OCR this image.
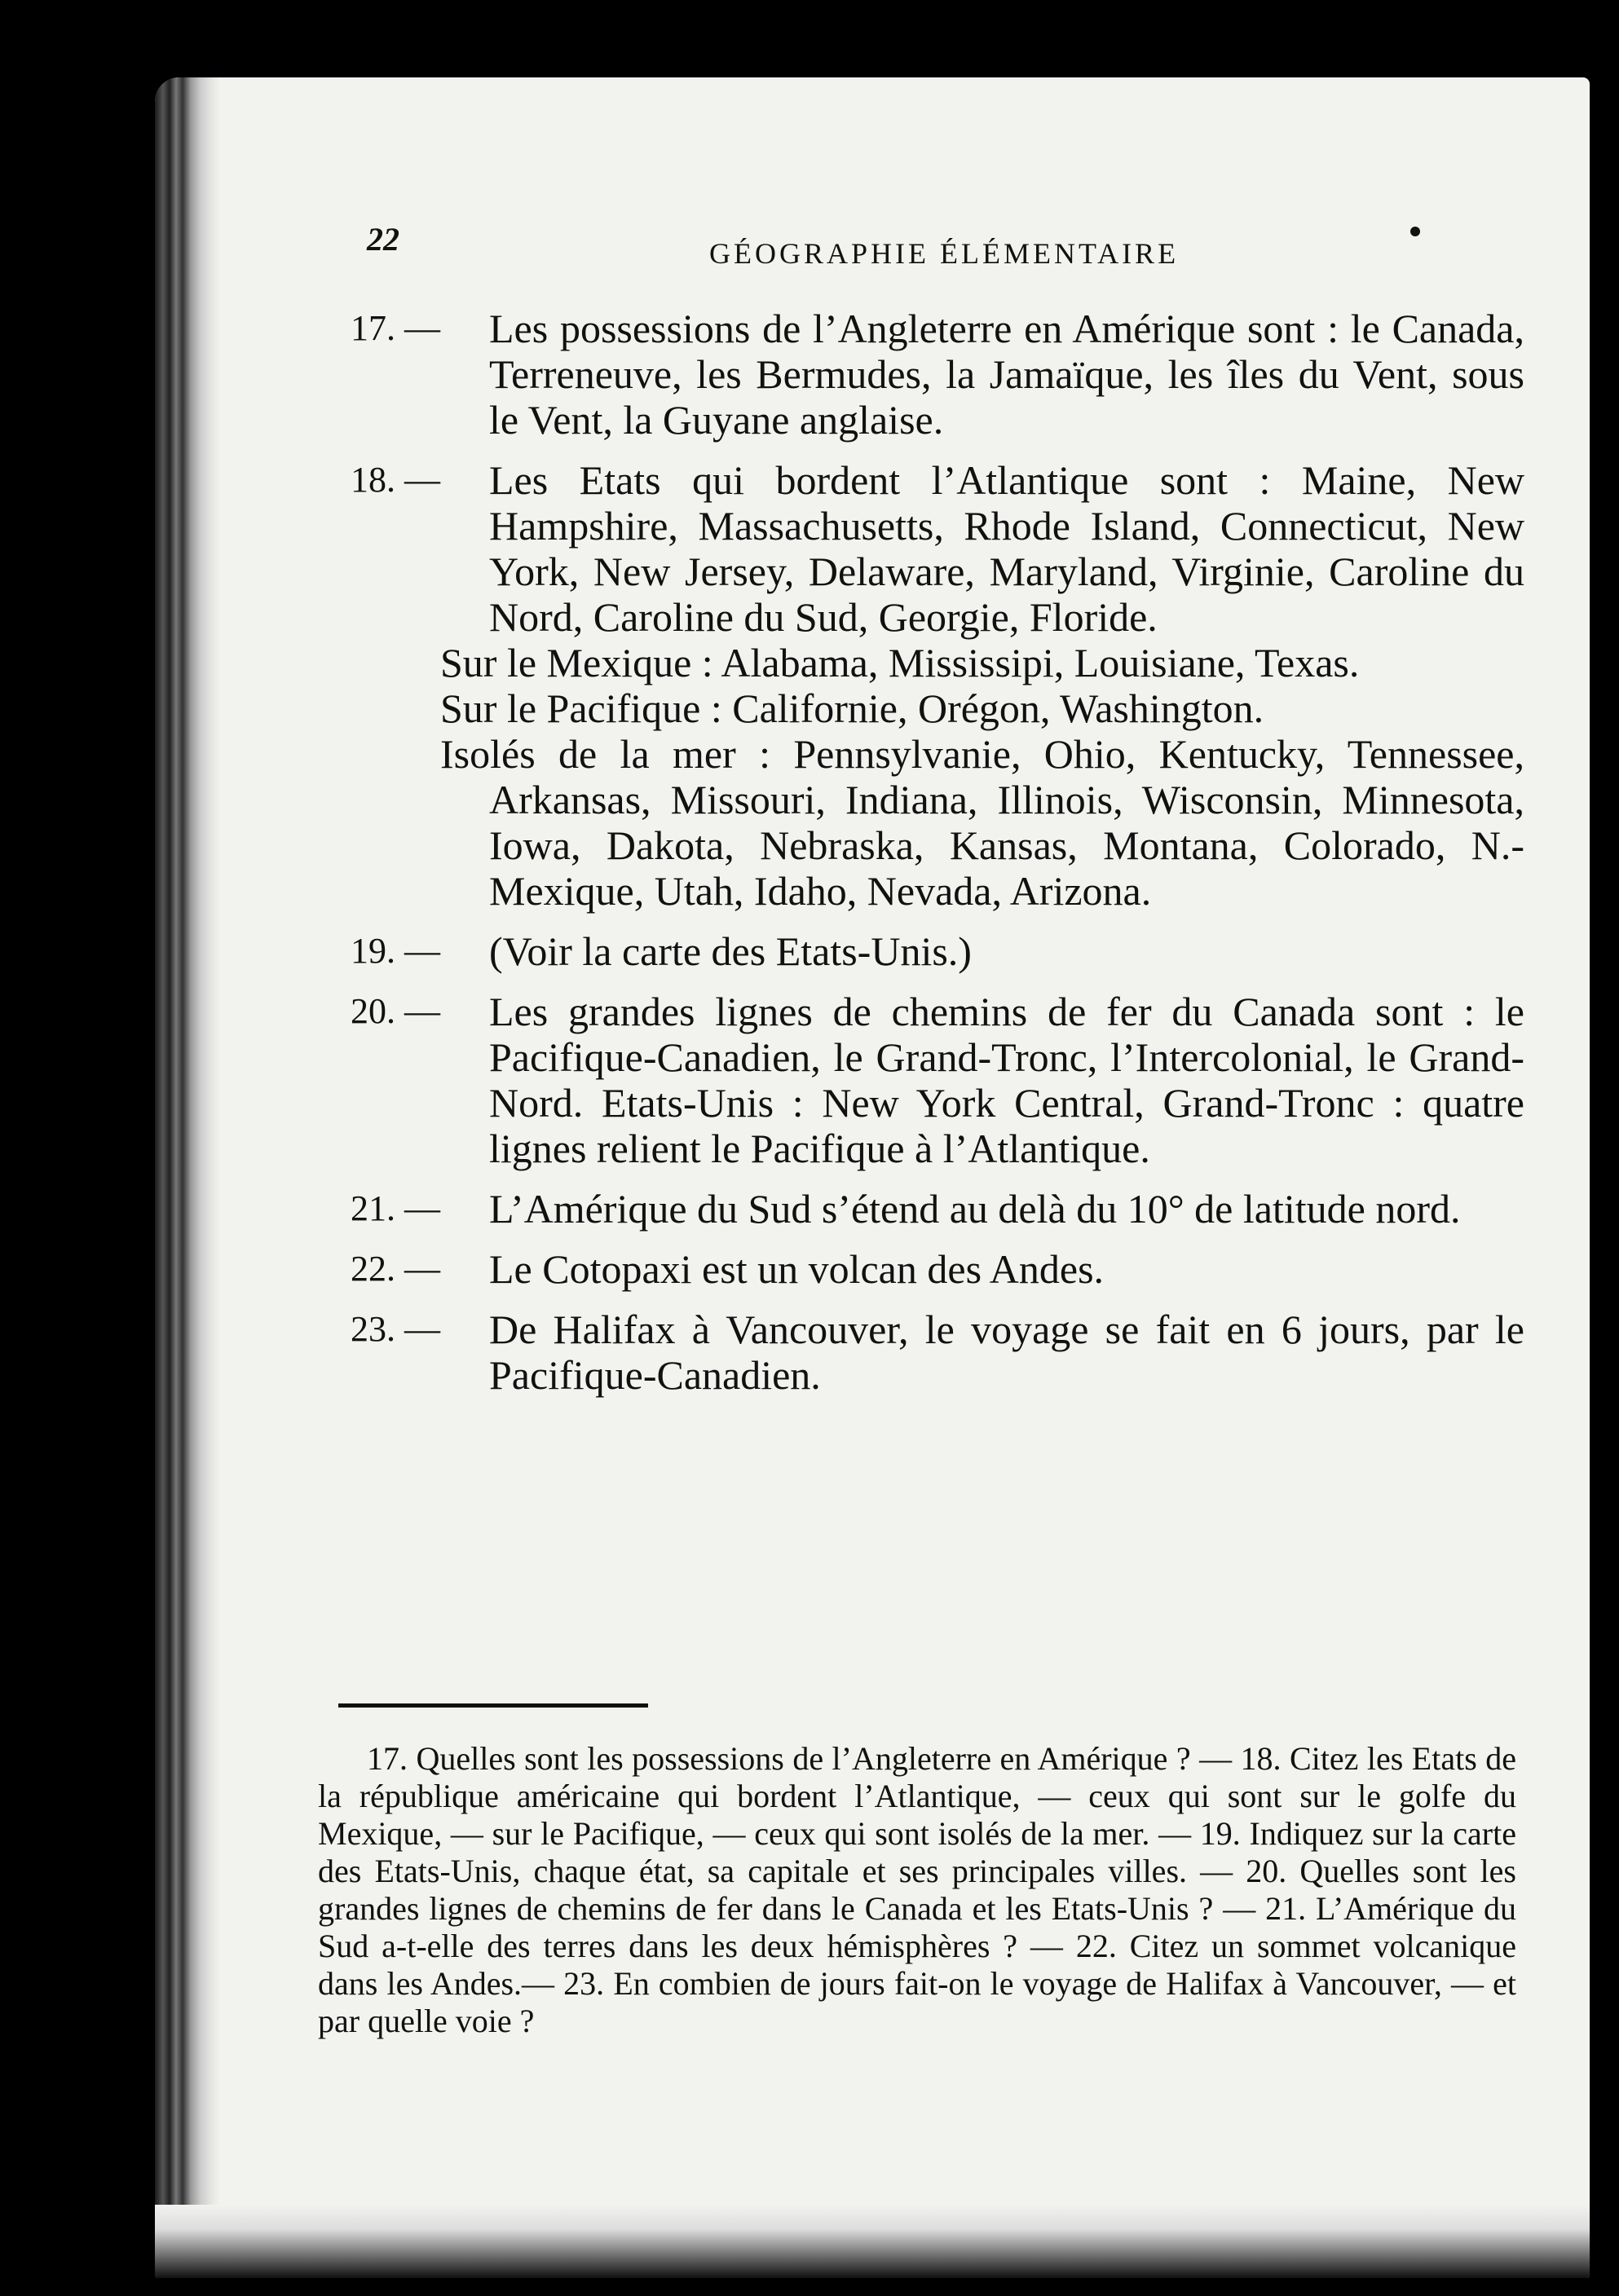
22	GÉOGRAPHIE ÉLÉMENTAIRE
17. —	Les possessions de l’Angleterre en Amérique sont : le Canada, Terreneuve, les Bermudes, la Jamaïque, les îles du Vent, sous le Vent, la Guyane anglaise.

18. —	Les Etats qui bordent l’Atlantique sont : Maine, New Hampshire, Massachusetts, Rhode Island, Connecticut, New York, New Jersey, Delaware, Maryland, Virginie, Caroline du Nord, Caroline du Sud, Georgie, Floride.

Sur le Mexique : Alabama, Mississipi, Louisiane, Texas.

Sur le Pacifique : Californie, Orégon, Washington.

Isolés de la mer : Pennsylvanie, Ohio, Kentucky, Tennessee, Arkansas, Missouri, Indiana, Illinois, Wisconsin, Minnesota, Iowa, Dakota, Nebraska, Kansas, Montana, Colorado, N.-Mexique, Utah, Idaho, Nevada, Arizona.

19. —	(Voir la carte des Etats-Unis.)

20. —	Les grandes lignes de chemins de fer du Canada sont : le Pacifique-Canadien, le Grand-Tronc, l’Intercolonial, le Grand-Nord. Etats-Unis : New York Central, Grand-Tronc : quatre lignes relient le Pacifique à l’Atlantique.

21. —	L’Amérique du Sud s’étend au delà du 10° de latitude nord.

22. —	Le Cotopaxi est un volcan des Andes.

23. —	De Halifax à Vancouver, le voyage se fait en 6 jours, par le Pacifique-Canadien.

17. Quelles sont les possessions de l’Angleterre en Amérique ? — 18. Citez les Etats de la république américaine qui bordent l’Atlantique, — ceux qui sont sur le golfe du Mexique, — sur le Pacifique, — ceux qui sont isolés de la mer. — 19. Indiquez sur la carte des Etats-Unis, chaque état, sa capitale et ses principales villes. — 20. Quelles sont les grandes lignes de chemins de fer dans le Canada et les Etats-Unis ? — 21. L’Amérique du Sud a-t-elle des terres dans les deux hémisphères ? — 22. Citez un sommet volcanique dans les Andes.— 23. En combien de jours fait-on le voyage de Halifax à Vancouver, — et par quelle voie ?
